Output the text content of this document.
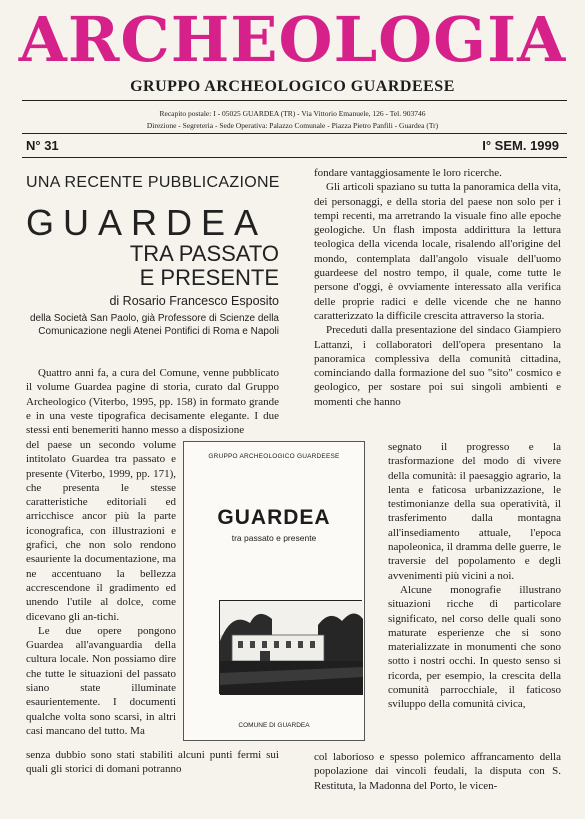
ARCHEOLOGIA
GRUPPO ARCHEOLOGICO GUARDEESE
Recapito postale: I - 05025 GUARDEA (TR) - Via Vittorio Emanuele, 126 - Tel. 903746
Direzione - Segreteria - Sede Operativa: Palazzo Comunale - Piazza Pietro Panfili - Guardea (Tr)
N° 31	I° SEM. 1999
UNA RECENTE PUBBLICAZIONE
GUARDEA
TRA PASSATO
E PRESENTE
di Rosario Francesco Esposito
della Società San Paolo, già Professore di Scienze della Comunicazione negli Atenei Pontifici di Roma e Napoli

Quattro anni fa, a cura del Comune, venne pubblicato il volume Guardea pagine di storia, curato dal Gruppo Archeologico (Viterbo, 1995, pp. 158) in formato grande e in una veste tipografica decisamente elegante. I due stessi enti benemeriti hanno messo a disposizione

del paese un secondo volume intitolato Guardea tra passato e presente (Viterbo, 1999, pp. 171), che presenta le stesse caratteristiche editoriali ed arricchisce ancor più la parte iconografica, con illustrazioni e grafici, che non solo rendono esauriente la documentazione, ma ne accentuano la bellezza accrescendone il gradimento ed unendo l'utile al dolce, come dicevano gli an-tichi.

Le due opere pongono Guardea all'avanguardia della cultura locale. Non possiamo dire che tutte le situazioni del passato siano state illuminate esaurientemente. I documenti qualche volta sono scarsi, in altri casi mancano del tutto. Ma

senza dubbio sono stati stabiliti alcuni punti fermi sui quali gli storici di domani potranno

fondare vantaggiosamente le loro ricerche.

Gli articoli spaziano su tutta la panoramica della vita, dei personaggi, e della storia del paese non solo per i tempi recenti, ma arretrando la visuale fino alle epoche geologiche. Un flash imposta addirittura la lettura teologica della vicenda locale, risalendo all'origine del mondo, contemplata dall'angolo visuale dell'uomo guardeese del nostro tempo, il quale, come tutte le persone d'oggi, è ovviamente interessato alla verifica delle proprie radici e delle vicende che ne hanno caratterizzato la difficile crescita attraverso la storia.

Preceduti dalla presentazione del sindaco Giampiero Lattanzi, i collaboratori dell'opera presentano la panoramica complessiva della comunità cittadina, cominciando dalla formazione del suo "sito" cosmico e geologico, per sostare poi sui singoli ambienti e momenti che hanno

segnato il progresso e la trasformazione del modo di vivere della comunità: il paesaggio agrario, la lenta e faticosa urbanizzazione, le testimonianze della sua operatività, il trasferimento dalla montagna all'insediamento attuale, l'epoca napoleonica, il dramma delle guerre, le traversie del popolamento e degli avvenimenti più vicini a noi.

Alcune monografie illustrano situazioni ricche di particolare significato, nel corso delle quali sono maturate esperienze che si sono materializzate in monumenti che sono sotto i nostri occhi. In questo senso si ricorda, per esempio, la crescita della comunità parrocchiale, il faticoso sviluppo della comunità civica,

col laborioso e spesso polemico affrancamento della popolazione dai vincoli feudali, la disputa con S. Restituta, la Madonna del Porto, le vicen-

GRUPPO ARCHEOLOGICO GUARDEESE
GUARDEA
tra passato e presente
COMUNE DI GUARDEA
